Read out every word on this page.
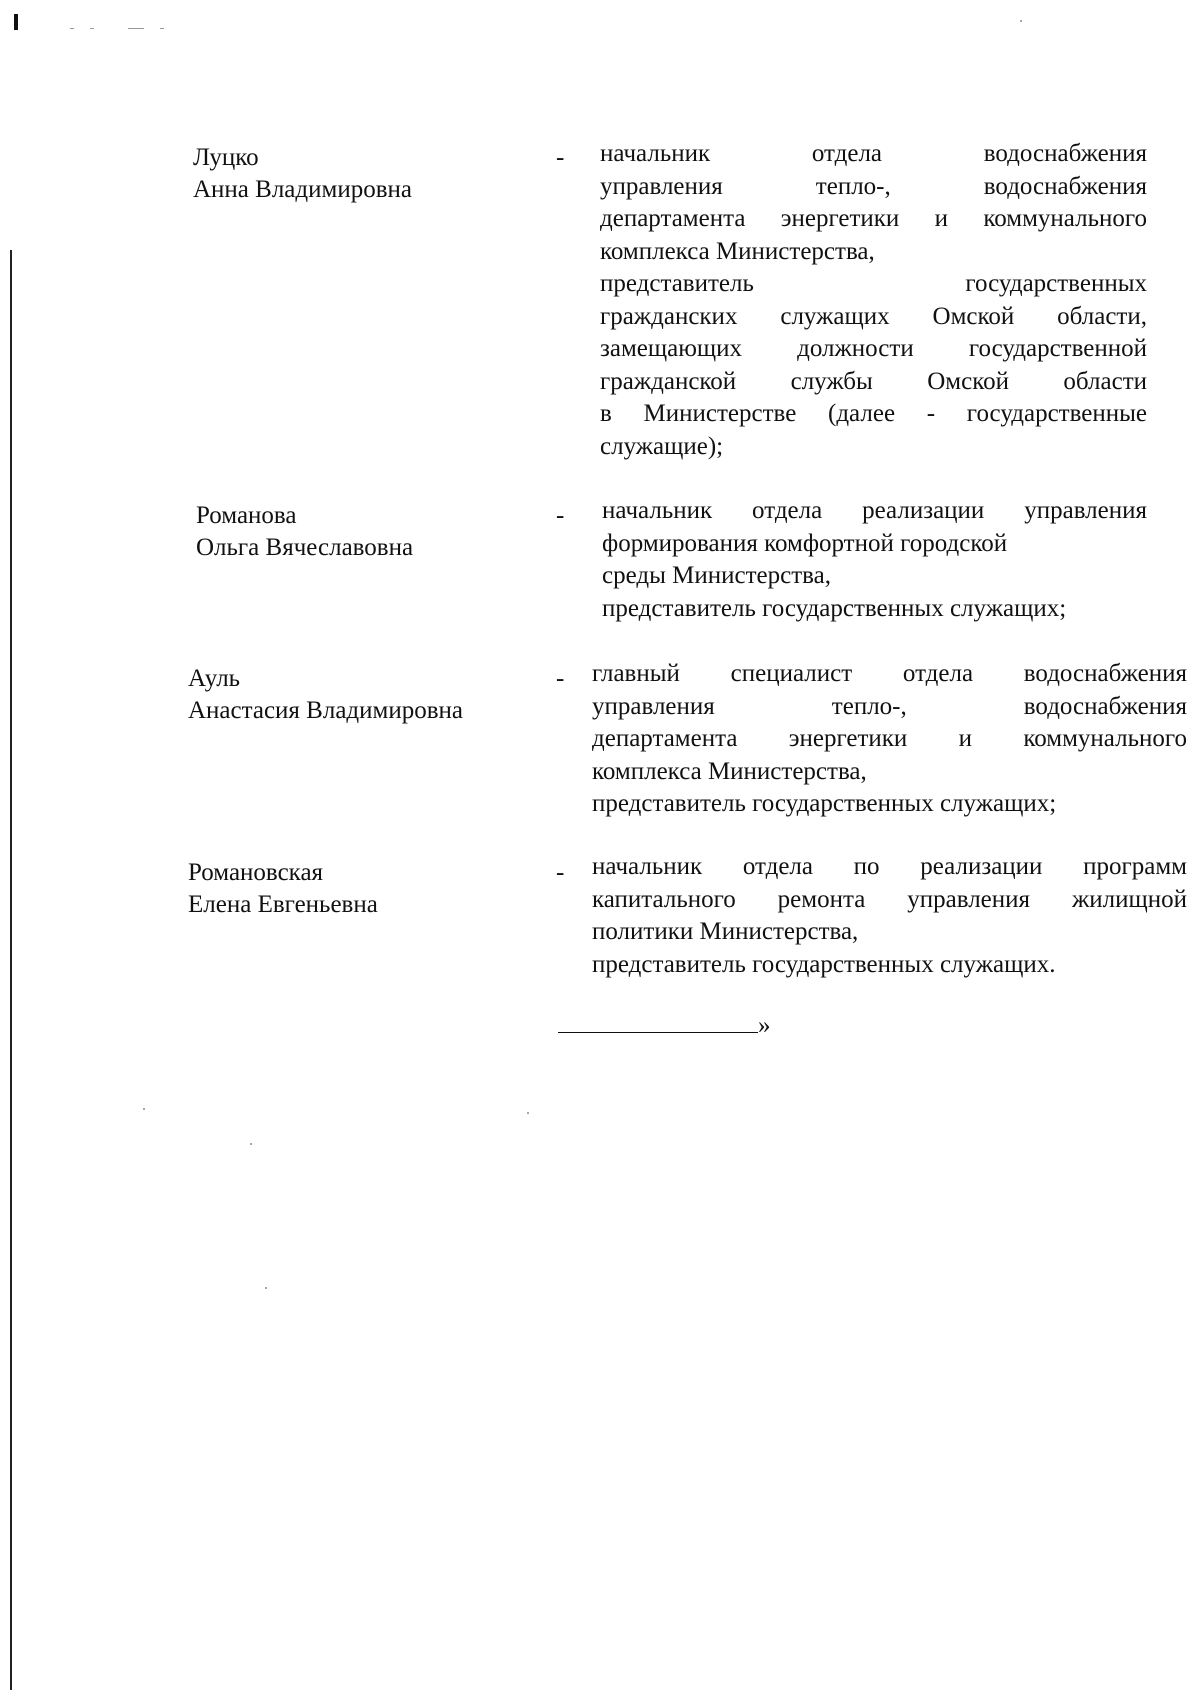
Луцко
Анна Владимировна
- начальник отдела водоснабжения
управления тепло-, водоснабжения
департамента энергетики и коммунального
комплекса Министерства,
представитель государственных
гражданских служащих Омской области,
замещающих должности государственной
гражданской службы Омской области
в Министерстве (далее - государственные
служащие);
Романова
Ольга Вячеславовна
- начальник отдела реализации управления
формирования комфортной городской
среды Министерства,
представитель государственных служащих;
Ауль
Анастасия Владимировна
- главный специалист отдела водоснабжения
управления тепло-, водоснабжения
департамента энергетики и коммунального
комплекса Министерства,
представитель государственных служащих;
Романовская
Елена Евгеньевна
- начальник отдела по реализации программ
капитального ремонта управления жилищной
политики Министерства,
представитель государственных служащих.
»
